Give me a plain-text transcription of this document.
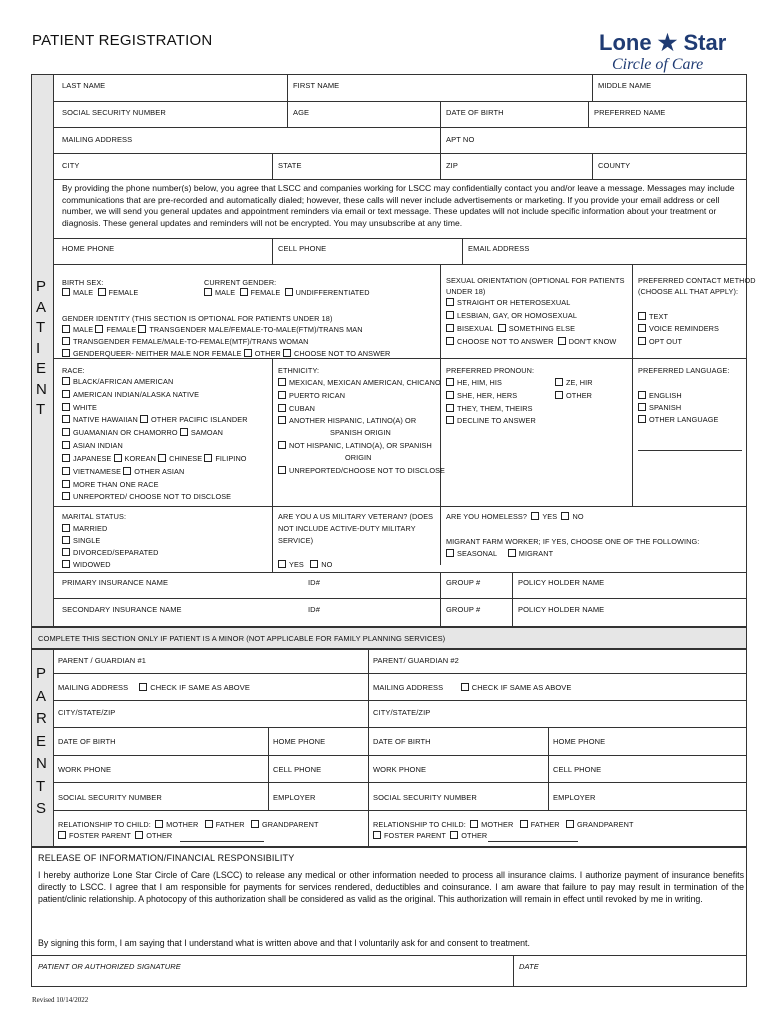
PATIENT REGISTRATION	Lone ★ Star
Circle of Care
P
A
T
I
E
N
T
LAST NAME	FIRST NAME	MIDDLE NAME
SOCIAL SECURITY NUMBER	AGE	DATE OF BIRTH	PREFERRED NAME
MAILING ADDRESS	APT NO
CITY	STATE	ZIP	COUNTY
By providing the phone number(s) below, you agree that LSCC and companies working for LSCC may confidentially contact you and/or leave a message. Messages may include communications that are pre-recorded and automatically dialed; however, these calls will never include advertisements or marketing. If you provide your email address or cell number, we will send you general updates and appointment reminders via email or text message. These updates will not include specific information about your treatment or diagnosis. These general updates and reminders will not be encrypted. You may unsubscribe at any time.
HOME PHONE	CELL PHONE	EMAIL ADDRESS
BIRTH SEX:
MALE FEMALE
CURRENT GENDER:
MALE FEMALE UNDIFFERENTIATED
GENDER IDENTITY (THIS SECTION IS OPTIONAL FOR PATIENTS UNDER 18)
MALE FEMALE TRANSGENDER MALE/FEMALE-TO-MALE(FTM)/TRANS MAN
TRANSGENDER FEMALE/MALE-TO-FEMALE(MTF)/TRANS WOMAN
GENDERQUEER- NEITHER MALE NOR FEMALE OTHER CHOOSE NOT TO ANSWER
SEXUAL ORIENTATION (OPTIONAL FOR PATIENTS
UNDER 18)
STRAIGHT OR HETEROSEXUAL
LESBIAN, GAY, OR HOMOSEXUAL
BISEXUAL SOMETHING ELSE
CHOOSE NOT TO ANSWER DON'T KNOW
PREFERRED CONTACT METHOD
(CHOOSE ALL THAT APPLY):
TEXT
VOICE REMINDERS
OPT OUT
RACE:
BLACK/AFRICAN AMERICAN
AMERICAN INDIAN/ALASKA NATIVE
WHITE
NATIVE HAWAIIAN OTHER PACIFIC ISLANDER
GUAMANIAN OR CHAMORRO SAMOAN
ASIAN INDIAN
JAPANESE KOREAN CHINESE FILIPINO
VIETNAMESE OTHER ASIAN
MORE THAN ONE RACE
UNREPORTED/ CHOOSE NOT TO DISCLOSE
ETHNICITY:
MEXICAN, MEXICAN AMERICAN, CHICANO
PUERTO RICAN
CUBAN
ANOTHER HISPANIC, LATINO(A) OR
SPANISH ORIGIN
NOT HISPANIC, LATINO(A), OR SPANISH
ORIGIN
UNREPORTED/CHOOSE NOT TO DISCLOSE
PREFERRED PRONOUN:
HE, HIM, HIS	ZE, HIR
SHE, HER, HERS	OTHER
THEY, THEM, THEIRS
DECLINE TO ANSWER
PREFERRED LANGUAGE:
ENGLISH
SPANISH
OTHER LANGUAGE
MARITAL STATUS:
MARRIED
SINGLE
DIVORCED/SEPARATED
WIDOWED
ARE YOU A US MILITARY VETERAN? (DOES
NOT INCLUDE ACTIVE-DUTY MILITARY
SERVICE)
YES NO
ARE YOU HOMELESS? YES NO
MIGRANT FARM WORKER; IF YES, CHOOSE ONE OF THE FOLLOWING:
SEASONAL	MIGRANT
PRIMARY INSURANCE NAME	ID#	GROUP #	POLICY HOLDER NAME
SECONDARY INSURANCE NAME	ID#	GROUP #	POLICY HOLDER NAME
COMPLETE THIS SECTION ONLY IF PATIENT IS A MINOR (NOT APPLICABLE FOR FAMILY PLANNING SERVICES)
P
A
R
E
N
T
S
PARENT / GUARDIAN #1	PARENT/ GUARDIAN #2
MAILING ADDRESS	CHECK IF SAME AS ABOVE	MAILING ADDRESS	CHECK IF SAME AS ABOVE
CITY/STATE/ZIP	CITY/STATE/ZIP
DATE OF BIRTH	HOME PHONE	DATE OF BIRTH	HOME PHONE
WORK PHONE	CELL PHONE	WORK PHONE	CELL PHONE
SOCIAL SECURITY NUMBER	EMPLOYER	SOCIAL SECURITY NUMBER	EMPLOYER
RELATIONSHIP TO CHILD: MOTHER FATHER GRANDPARENT
FOSTER PARENT OTHER
RELATIONSHIP TO CHILD: MOTHER FATHER GRANDPARENT
FOSTER PARENT OTHER
RELEASE OF INFORMATION/FINANCIAL RESPONSIBILITY
I hereby authorize Lone Star Circle of Care (LSCC) to release any medical or other information needed to process all insurance claims. I authorize payment of insurance benefits directly to LSCC. I agree that I am responsible for payments for services rendered, deductibles and coinsurance. I am aware that failure to pay may result in termination of the patient/clinic relationship. A photocopy of this authorization shall be considered as valid as the original. This authorization will remain in effect until revoked by me in writing.
By signing this form, I am saying that I understand what is written above and that I voluntarily ask for and consent to treatment.
PATIENT OR AUTHORIZED SIGNATURE	DATE
Revised 10/14/2022
